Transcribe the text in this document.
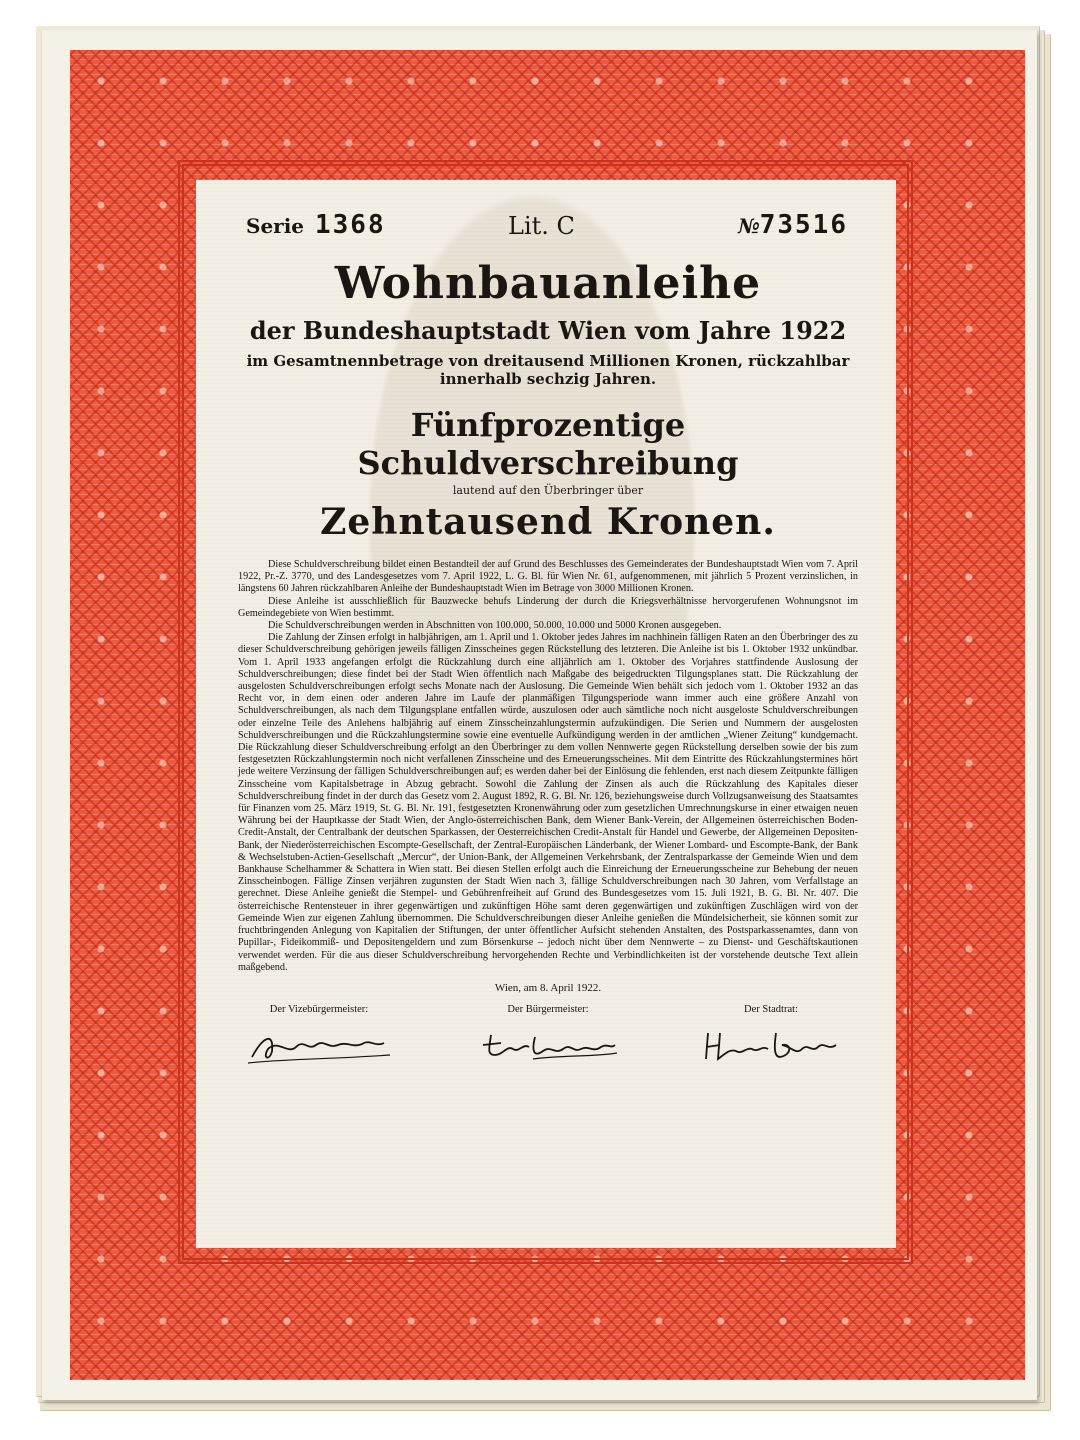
Serie 1368	Lit. C	№73516
Wohnbauanleihe
der Bundeshauptstadt Wien vom Jahre 1922
im Gesamtnennbetrage von dreitausend Millionen Kronen, rückzahlbar innerhalb sechzig Jahren.
Fünfprozentige Schuldverschreibung
lautend auf den Überbringer über
Zehntausend Kronen.

Diese Schuldverschreibung bildet einen Bestandteil der auf Grund des Beschlusses des Gemeinderates der Bundeshauptstadt Wien vom 7. April 1922, Pr.-Z. 3770, und des Landesgesetzes vom 7. April 1922, L. G. Bl. für Wien Nr. 61, aufgenommenen, mit jährlich 5 Prozent verzinslichen, in längstens 60 Jahren rückzahlbaren Anleihe der Bundeshauptstadt Wien im Betrage von 3000 Millionen Kronen.

Diese Anleihe ist ausschließlich für Bauzwecke behufs Linderung der durch die Kriegsverhältnisse hervorgerufenen Wohnungsnot im Gemeindegebiete von Wien bestimmt.

Die Schuldverschreibungen werden in Abschnitten von 100.000, 50.000, 10.000 und 5000 Kronen ausgegeben.

Die Zahlung der Zinsen erfolgt in halbjährigen, am 1. April und 1. Oktober jedes Jahres im nachhinein fälligen Raten an den Überbringer des zu dieser Schuldverschreibung gehörigen jeweils fälligen Zinsscheines gegen Rückstellung des letzteren. Die Anleihe ist bis 1. Oktober 1932 unkündbar. Vom 1. April 1933 angefangen erfolgt die Rückzahlung durch eine alljährlich am 1. Oktober des Vorjahres stattfindende Auslosung der Schuldverschreibungen; diese findet bei der Stadt Wien öffentlich nach Maßgabe des beigedruckten Tilgungsplanes statt. Die Rückzahlung der ausgelosten Schuldverschreibungen erfolgt sechs Monate nach der Auslosung. Die Gemeinde Wien behält sich jedoch vom 1. Oktober 1932 an das Recht vor, in dem einen oder anderen Jahre im Laufe der planmäßigen Tilgungsperiode wann immer auch eine größere Anzahl von Schuldverschreibungen, als nach dem Tilgungsplane entfallen würde, auszulosen oder auch sämtliche noch nicht ausgeloste Schuldverschreibungen oder einzelne Teile des Anlehens halbjährig auf einem Zinsscheinzahlungstermin aufzukündigen. Die Serien und Nummern der ausgelosten Schuldverschreibungen und die Rückzahlungstermine sowie eine eventuelle Aufkündigung werden in der amtlichen „Wiener Zeitung“ kundgemacht. Die Rückzahlung dieser Schuldverschreibung erfolgt an den Überbringer zu dem vollen Nennwerte gegen Rückstellung derselben sowie der bis zum festgesetzten Rückzahlungstermin noch nicht verfallenen Zinsscheine und des Erneuerungsscheines. Mit dem Eintritte des Rückzahlungstermines hört jede weitere Verzinsung der fälligen Schuldverschreibungen auf; es werden daher bei der Einlösung die fehlenden, erst nach diesem Zeitpunkte fälligen Zinsscheine vom Kapitalsbetrage in Abzug gebracht. Sowohl die Zahlung der Zinsen als auch die Rückzahlung des Kapitales dieser Schuldverschreibung findet in der durch das Gesetz vom 2. August 1892, R. G. Bl. Nr. 126, beziehungsweise durch Vollzugsanweisung des Staatsamtes für Finanzen vom 25. März 1919, St. G. Bl. Nr. 191, festgesetzten Kronenwährung oder zum gesetzlichen Umrechnungskurse in einer etwaigen neuen Währung bei der Hauptkasse der Stadt Wien, der Anglo-österreichischen Bank, dem Wiener Bank-Verein, der Allgemeinen österreichischen Boden-Credit-Anstalt, der Centralbank der deutschen Sparkassen, der Oesterreichischen Credit-Anstalt für Handel und Gewerbe, der Allgemeinen Depositen-Bank, der Niederösterreichischen Escompte-Gesellschaft, der Zentral-Europäischen Länderbank, der Wiener Lombard- und Escompte-Bank, der Bank & Wechselstuben-Actien-Gesellschaft „Mercur“, der Union-Bank, der Allgemeinen Verkehrsbank, der Zentralsparkasse der Gemeinde Wien und dem Bankhause Schelhammer & Schattera in Wien statt. Bei diesen Stellen erfolgt auch die Einreichung der Erneuerungsscheine zur Behebung der neuen Zinsscheinbogen. Fällige Zinsen verjähren zugunsten der Stadt Wien nach 3, fällige Schuldverschreibungen nach 30 Jahren, vom Verfallstage an gerechnet. Diese Anleihe genießt die Stempel- und Gebührenfreiheit auf Grund des Bundesgesetzes vom 15. Juli 1921, B. G. Bl. Nr. 407. Die österreichische Rentensteuer in ihrer gegenwärtigen und zukünftigen Höhe samt deren gegenwärtigen und zukünftigen Zuschlägen wird von der Gemeinde Wien zur eigenen Zahlung übernommen. Die Schuldverschreibungen dieser Anleihe genießen die Mündelsicherheit, sie können somit zur fruchtbringenden Anlegung von Kapitalien der Stiftungen, der unter öffentlicher Aufsicht stehenden Anstalten, des Postsparkassenamtes, dann von Pupillar-, Fideikommiß- und Depositengeldern und zum Börsenkurse – jedoch nicht über dem Nennwerte – zu Dienst- und Geschäftskautionen verwendet werden. Für die aus dieser Schuldverschreibung hervorgehenden Rechte und Verbindlichkeiten ist der vorstehende deutsche Text allein maßgebend.

Wien, am 8. April 1922.
Der Vizebürgermeister:	Der Bürgermeister:	Der Stadtrat:
